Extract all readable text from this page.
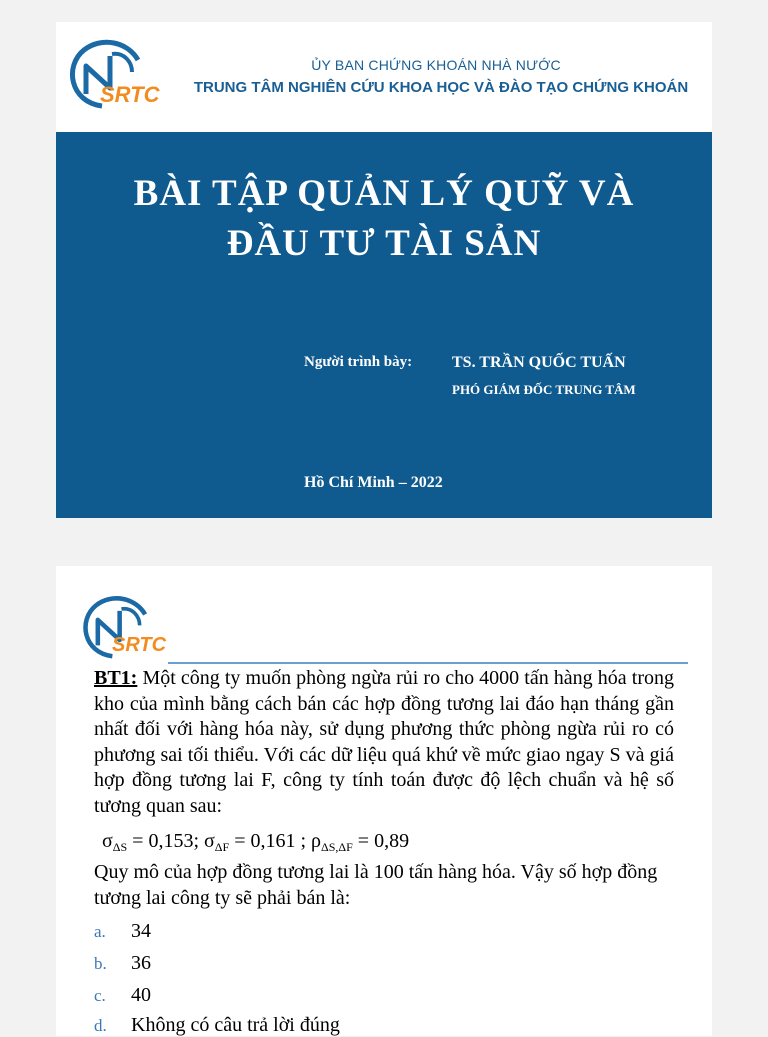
SRTC
ỦY BAN CHỨNG KHOÁN NHÀ NƯỚC
TRUNG TÂM NGHIÊN CỨU KHOA HỌC VÀ ĐÀO TẠO CHỨNG KHOÁN
BÀI TẬP QUẢN LÝ QUỸ VÀ
ĐẦU TƯ TÀI SẢN
Người trình bày: TS. TRẦN QUỐC TUẤN
PHÓ GIÁM ĐỐC TRUNG TÂM
Hồ Chí Minh – 2022
SRTC
BT1: Một công ty muốn phòng ngừa rủi ro cho 4000 tấn hàng hóa trong kho của mình bằng cách bán các hợp đồng tương lai đáo hạn tháng gần nhất đối với hàng hóa này, sử dụng phương thức phòng ngừa rủi ro có phương sai tối thiểu. Với các dữ liệu quá khứ về mức giao ngay S và giá hợp đồng tương lai F, công ty tính toán được độ lệch chuẩn và hệ số tương quan sau:
$\sigma_{\Delta S} = 0,153$; $\sigma_{\Delta F} = 0,161$ ; $\rho_{\Delta S,\Delta F} = 0,89$
Quy mô của hợp đồng tương lai là 100 tấn hàng hóa. Vậy số hợp đồng tương lai công ty sẽ phải bán là:
a. 34
b. 36
c. 40
d. Không có câu trả lời đúng
